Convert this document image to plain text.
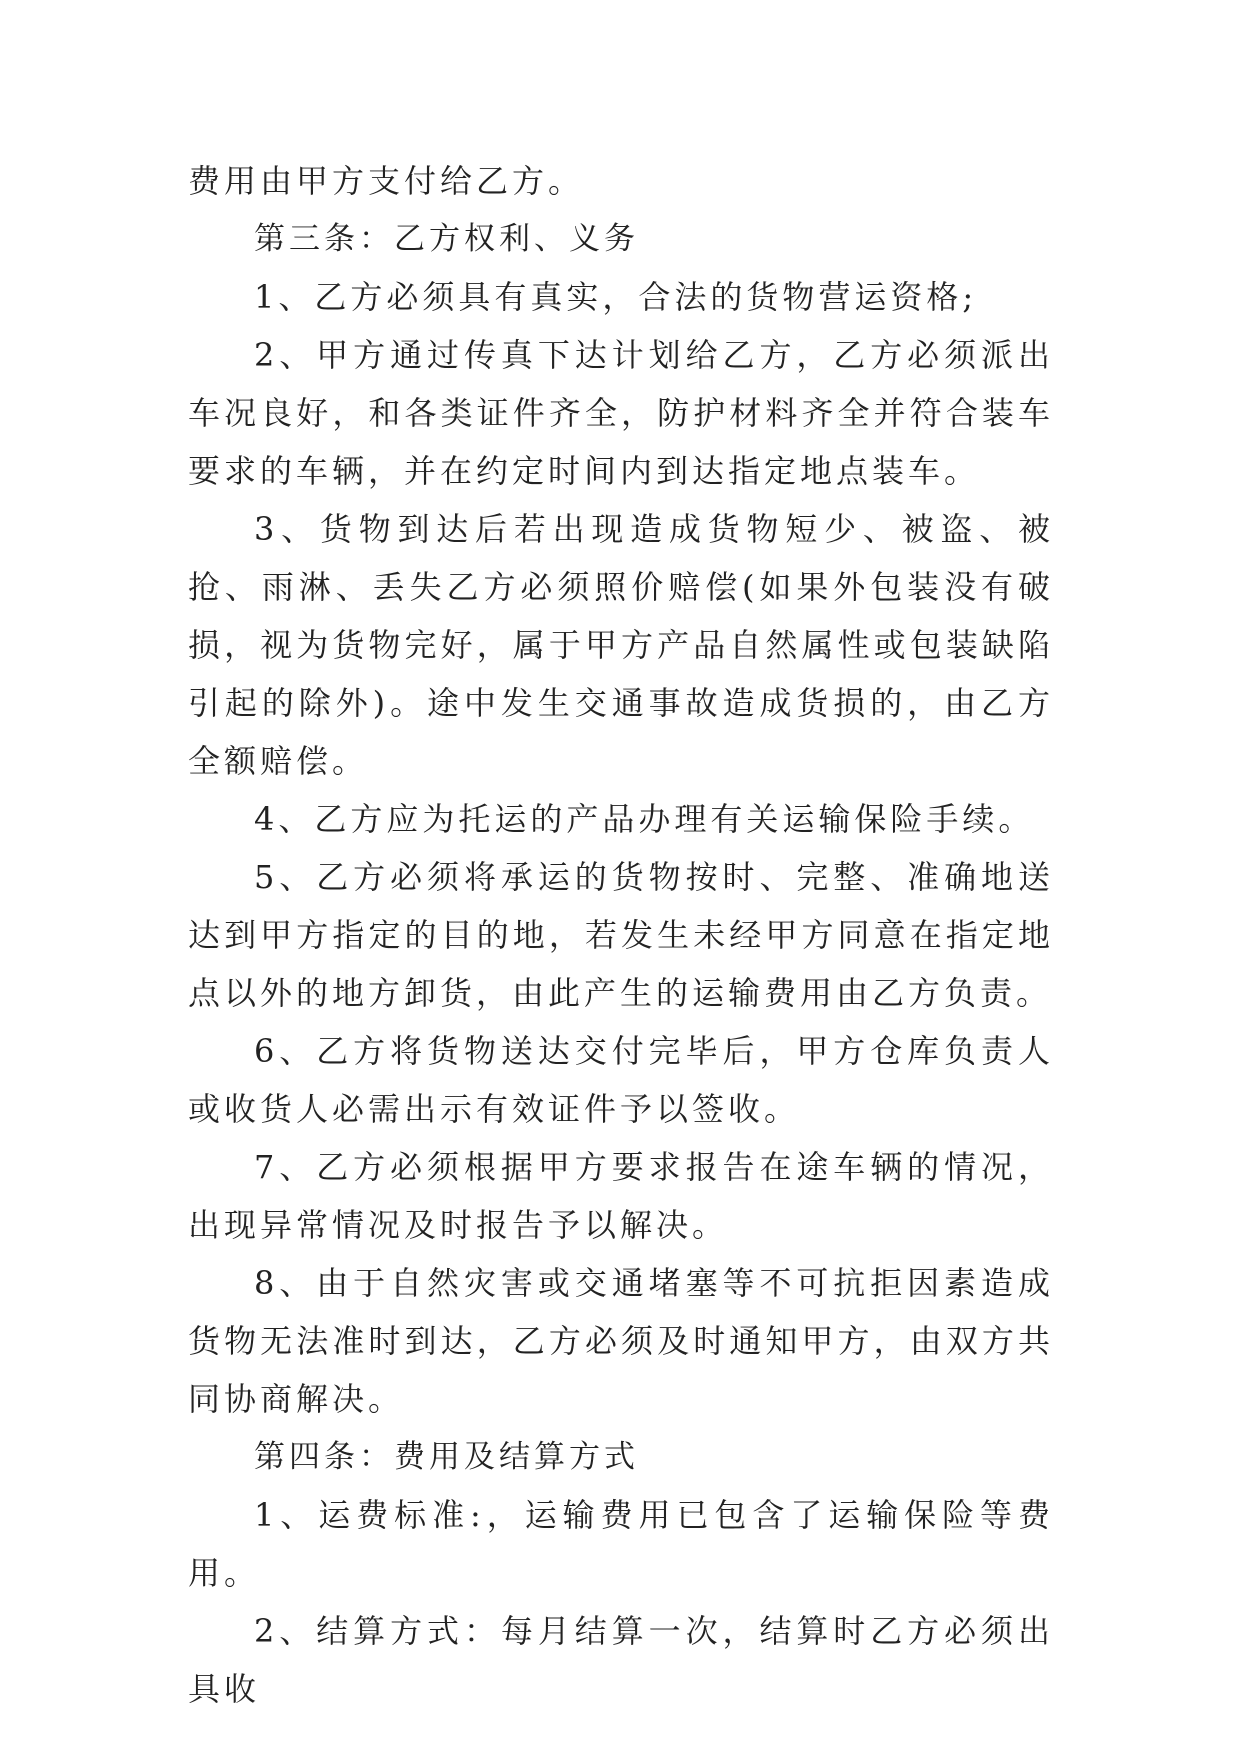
费用由甲方支付给乙方。

第三条：乙方权利、义务

1、乙方必须具有真实，合法的货物营运资格;

2、甲方通过传真下达计划给乙方，乙方必须派出车况良好，和各类证件齐全，防护材料齐全并符合装车要求的车辆，并在约定时间内到达指定地点装车。

3、货物到达后若出现造成货物短少、被盗、被抢、雨淋、丢失乙方必须照价赔偿(如果外包装没有破损，视为货物完好，属于甲方产品自然属性或包装缺陷引起的除外)。途中发生交通事故造成货损的，由乙方全额赔偿。

4、乙方应为托运的产品办理有关运输保险手续。

5、乙方必须将承运的货物按时、完整、准确地送达到甲方指定的目的地，若发生未经甲方同意在指定地点以外的地方卸货，由此产生的运输费用由乙方负责。

6、乙方将货物送达交付完毕后，甲方仓库负责人或收货人必需出示有效证件予以签收。

7、乙方必须根据甲方要求报告在途车辆的情况，出现异常情况及时报告予以解决。

8、由于自然灾害或交通堵塞等不可抗拒因素造成货物无法准时到达，乙方必须及时通知甲方，由双方共同协商解决。

第四条：费用及结算方式

1、运费标准:，运输费用已包含了运输保险等费用。

2、结算方式：每月结算一次，结算时乙方必须出具收
